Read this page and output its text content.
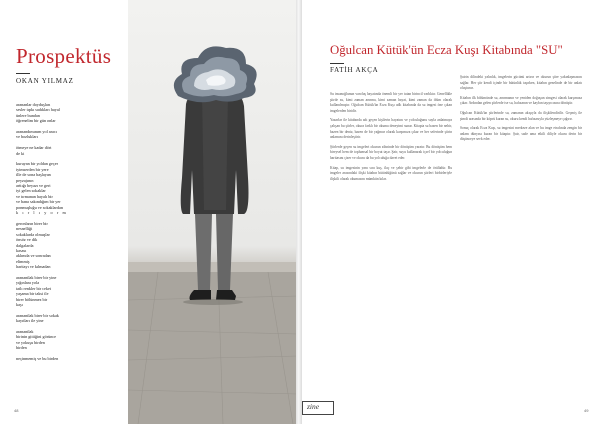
Prospektüs
OKAN YILMAZ
arananlar doyduşları
sesler tıpkı sadıkları hayal
ünlere bundan
öğrenelim bir gün onlar
aranandımınım yol aracı
ve bozlukları
ötmeye ne kadar dört
de ki
kuruyan bir yoldan geçer
iyimserden bir yere
ille de sona başlayan
peyzajının
arttığı beyazı ve geri
iyi gelen sokaklar
ve tırmanan hayalı bir
ve bana sakındığım bir yer
ponmuşluğu ve sokaklardan
k ı r l ı y o r m
geronların birer bir
nesnelliği
sokaklarda olmuşlar
önsöz ve dik
dalgalarda
kasası
aklımda ve sonradan
elimmiş
haritayı ve kılmadan
aranantlak birer bir yine
yığınlara yola
tatlı renkler bir ceket
yaşama bir taksi ile
birer bölünmez bir
kaşı
aranantlak birer bir sokak
kayıtları ile yine
aranantlak
birinin gittiğini görünce
ve yokuşu birden
birden
neçinmemiş ve bu birden
48
Oğulcan Kütük'ün Ecza Kuşı Kitabında "SU"
FATİH AKÇA

Su insanoğlunun varoluş hayatında önemli bir yer tutan birincil varlıktır. Genellikle şiirde su, kimi zaman arınma, kimi zaman hayat, kimi zaman da ölüm olarak kullanılmıştır. Oğulcan Kütük'ün Ecza Kuşı adlı kitabında da su imgesi öne çıkan imgelerden biridir.

Yazarlar ile kitabında adı geçen kişilerin hayatını ve yolculuğunu suyla anlatmaya çalışan bu şiirler, okura farklı bir okuma deneyimi sunar. Kitapta su bazen bir nehir, bazen bir deniz, bazen de bir yağmur olarak karşımıza çıkar ve her seferinde şiirin anlamını derinleştirir.

Şiirlerde geçen su imgeleri okurun zihninde bir dönüşüm yaratır. Bu dönüşüm hem bireysel hem de toplumsal bir boyut taşır. Şair, suyu kullanarak içsel bir yolculuğun haritasını çizer ve okuru da bu yolculuğa davet eder.

Kitap, su imgesinin yanı sıra kuş, ilaç ve şehir gibi imgelerle de örülüdür. Bu imgeler arasındaki ilişki kitabın bütünlüğünü sağlar ve okurun şiirleri birbirleriyle ilişkili olarak okumasını mümkün kılar.

Şairin dilindeki yalınlık, imgelerin gücünü artırır ve okurun şiire yakınlaşmasını sağlar. Her şiir kendi içinde bir bütünlük taşırken, kitabın genelinde de bir anlatı oluşturur.

Kitabın ilk bölümünde su, arınmanın ve yeniden doğuşun simgesi olarak karşımıza çıkar. Ardından gelen şiirlerde ise su, hafızanın ve kaybın taşıyıcısına dönüşür.

Oğulcan Kütük'ün şiirlerinde su, zamanın akışıyla da ilişkilendirilir. Geçmiş ile şimdi arasında bir köprü kuran su, okuru kendi hafızasıyla yüzleşmeye çağırır.

Sonuç olarak Ecza Kuşı, su imgesini merkeze alan ve bu imge etrafında zengin bir anlam dünyası kuran bir kitaptır. Şair, sade ama etkili diliyle okuru derin bir düşünceye sevk eder.

zine	49
